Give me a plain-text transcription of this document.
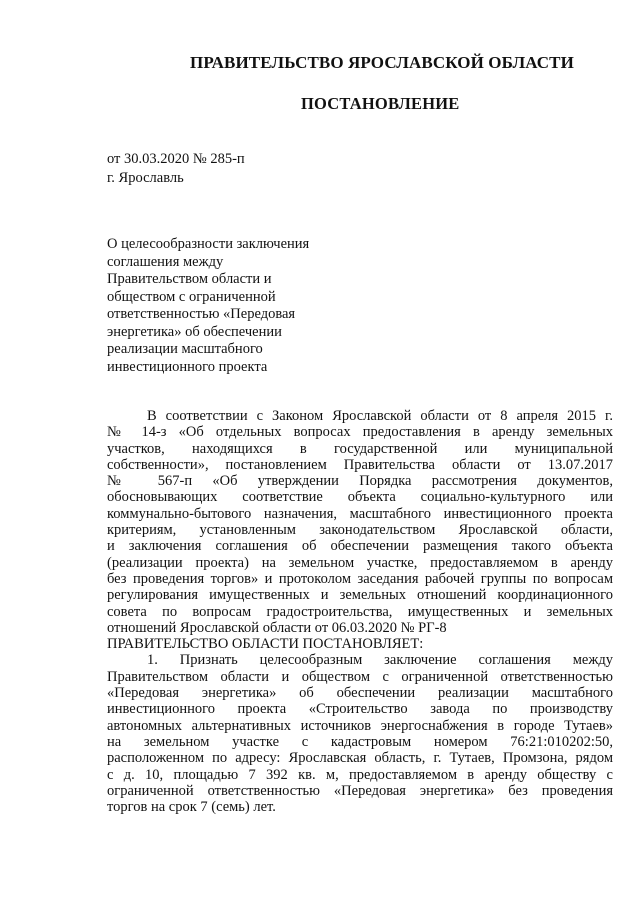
ПРАВИТЕЛЬСТВО ЯРОСЛАВСКОЙ ОБЛАСТИ
ПОСТАНОВЛЕНИЕ
от 30.03.2020 № 285-п
г. Ярославль
О целесообразности заключения
соглашения между
Правительством области и
обществом с ограниченной
ответственностью «Передовая
энергетика» об обеспечении
реализации масштабного
инвестиционного проекта
В соответствии с Законом Ярославской области от 8 апреля 2015 г.
№ 14-з «Об отдельных вопросах предоставления в аренду земельных
участков, находящихся в государственной или муниципальной
собственности», постановлением Правительства области от 13.07.2017
№ 567-п «Об утверждении Порядка рассмотрения документов,
обосновывающих соответствие объекта социально-культурного или
коммунально-бытового назначения, масштабного инвестиционного проекта
критериям, установленным законодательством Ярославской области,
и заключения соглашения об обеспечении размещения такого объекта
(реализации проекта) на земельном участке, предоставляемом в аренду
без проведения торгов» и протоколом заседания рабочей группы по вопросам
регулирования имущественных и земельных отношений координационного
совета по вопросам градостроительства, имущественных и земельных
отношений Ярославской области от 06.03.2020 № РГ-8
ПРАВИТЕЛЬСТВО ОБЛАСТИ ПОСТАНОВЛЯЕТ:
1. Признать целесообразным заключение соглашения между
Правительством области и обществом с ограниченной ответственностью
«Передовая энергетика» об обеспечении реализации масштабного
инвестиционного проекта «Строительство завода по производству
автономных альтернативных источников энергоснабжения в городе Тутаев»
на земельном участке с кадастровым номером 76:21:010202:50,
расположенном по адресу: Ярославская область, г. Тутаев, Промзона, рядом
с д. 10, площадью 7 392 кв. м, предоставляемом в аренду обществу с
ограниченной ответственностью «Передовая энергетика» без проведения
торгов на срок 7 (семь) лет.
